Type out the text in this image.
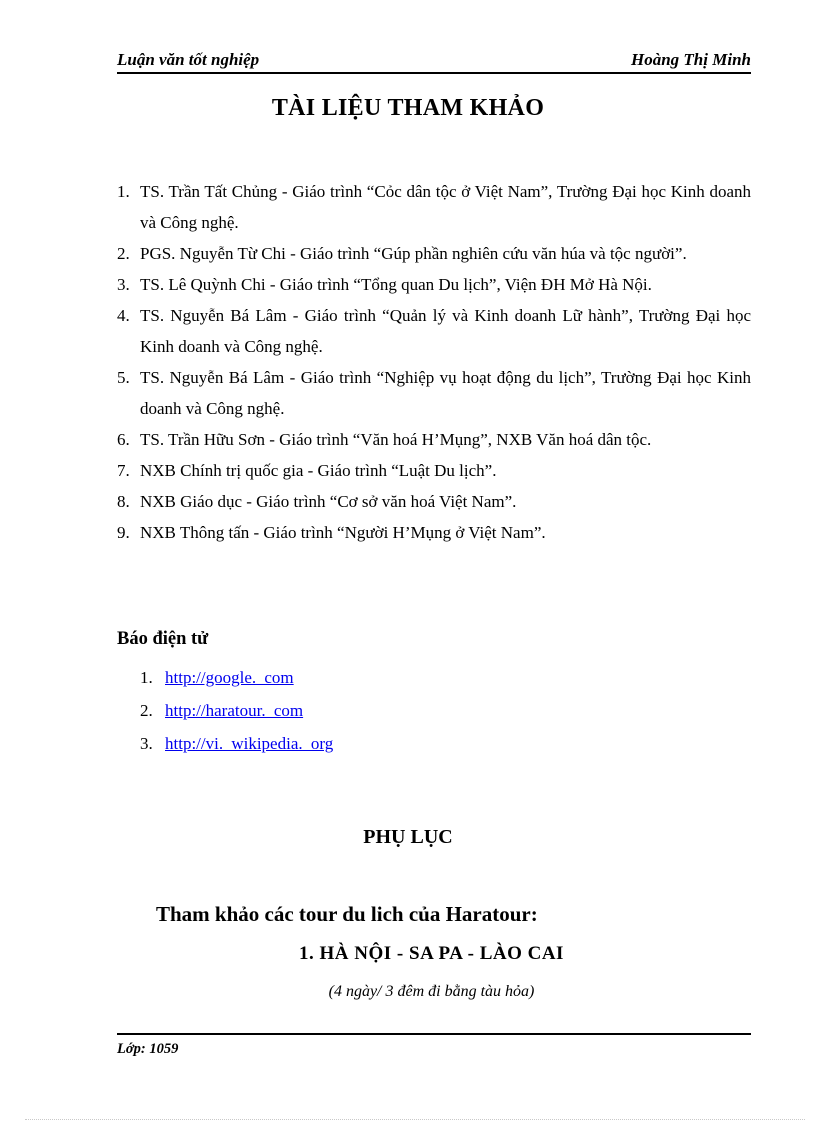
Luận văn tốt nghiệp	Hoàng Thị Minh
TÀI LIỆU THAM KHẢO
1. TS. Trần Tất Chủng - Giáo trình “Cỏc dân tộc ở Việt Nam”, Trường Đại học Kinh doanh và Công nghệ.
2. PGS. Nguyễn Từ Chi - Giáo trình “Gúp phần nghiên cứu văn húa và tộc người”.
3. TS. Lê Quỳnh Chi - Giáo trình “Tổng quan Du lịch”, Viện ĐH Mở Hà Nội.
4. TS. Nguyễn Bá Lâm - Giáo trình “Quản lý và Kinh doanh Lữ hành”, Trường Đại học Kinh doanh và Công nghệ.
5. TS. Nguyễn Bá Lâm - Giáo trình “Nghiệp vụ hoạt động du lịch”, Trường Đại học Kinh doanh và Công nghệ.
6. TS. Trần Hữu Sơn - Giáo trình “Văn hoá H’Mụng”, NXB Văn hoá dân tộc.
7. NXB Chính trị quốc gia - Giáo trình “Luật Du lịch”.
8. NXB Giáo dục - Giáo trình “Cơ sở văn hoá Việt Nam”.
9. NXB Thông tấn - Giáo trình “Người H’Mụng ở Việt Nam”.
Báo điện tử
1. http://google. com
2. http://haratour. com
3. http://vi. wikipedia. org
PHỤ LỤC
Tham khảo các tour du lich của Haratour:
1. HÀ NỘI - SA PA - LÀO CAI
(4 ngày/ 3 đêm đi bằng tàu hỏa)
Lớp: 1059
